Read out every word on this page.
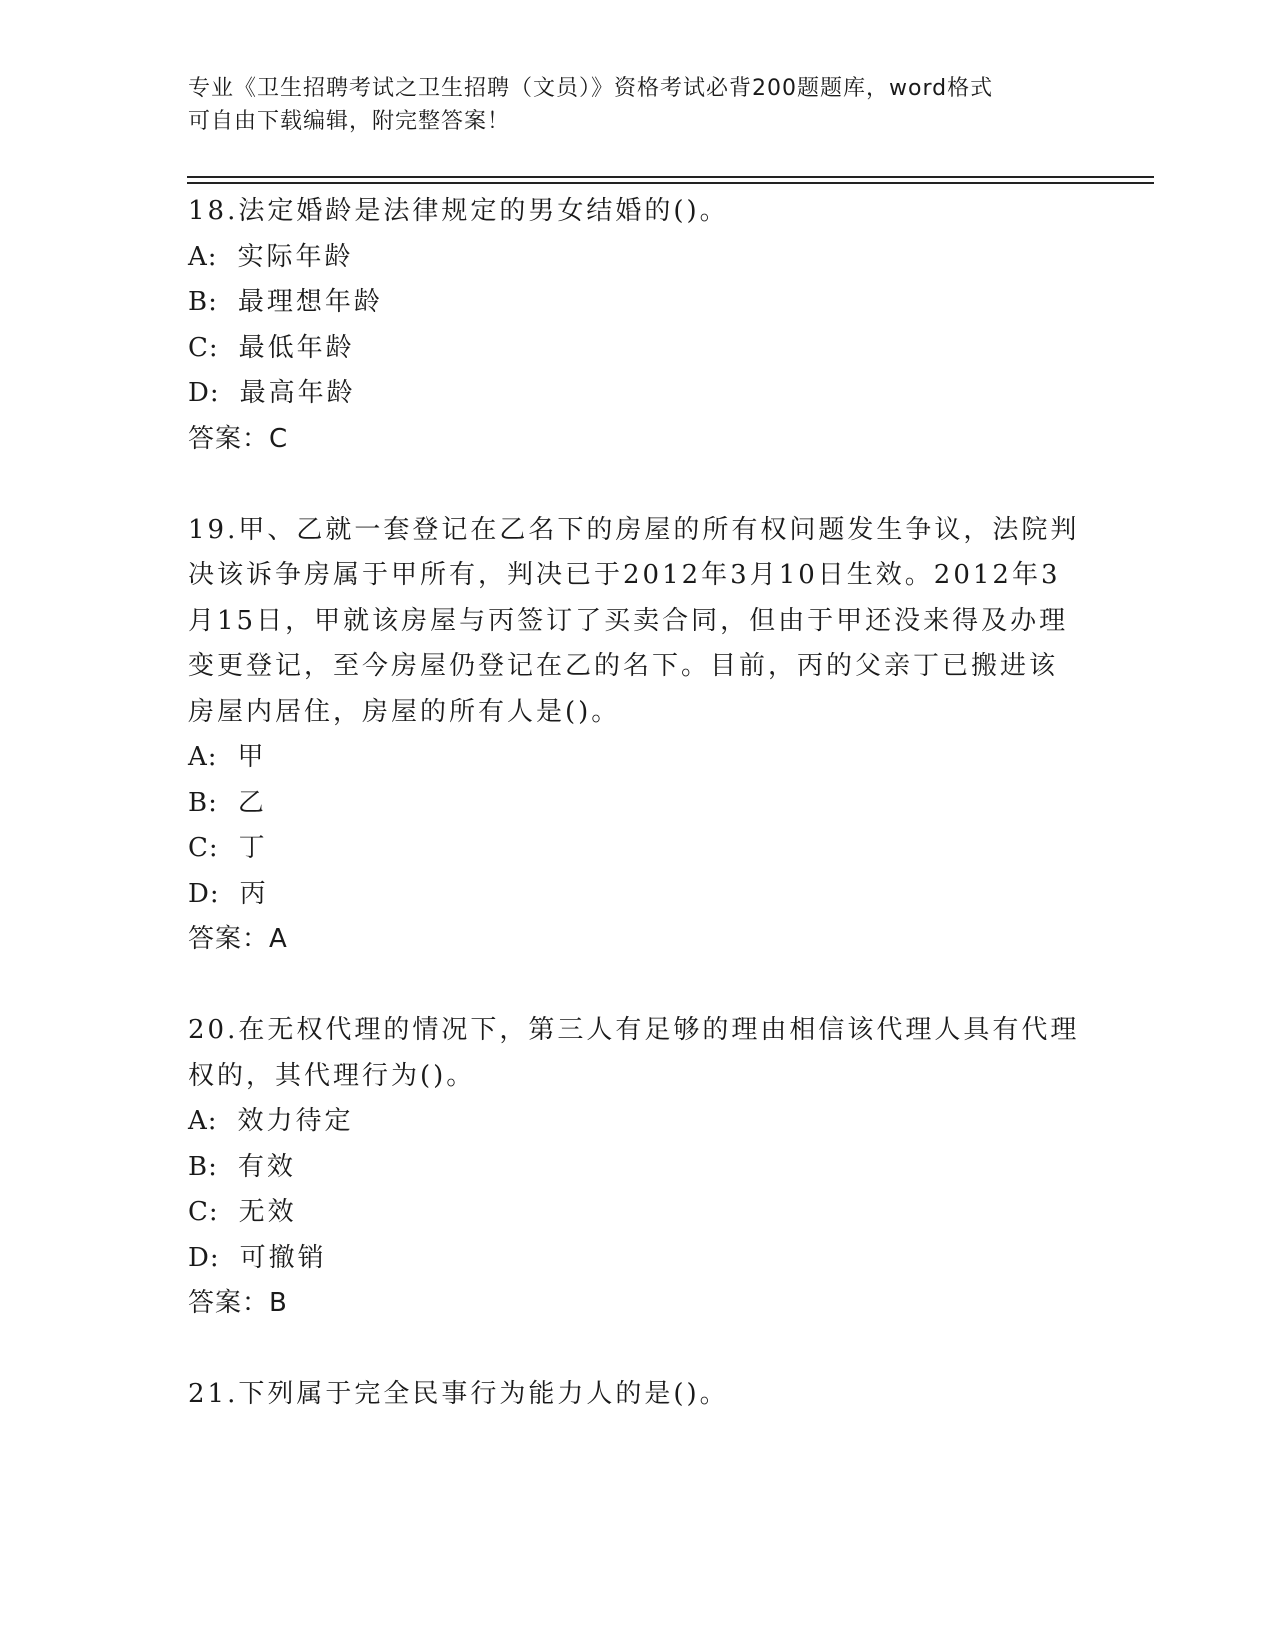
专业《卫生招聘考试之卫生招聘（文员）》资格考试必背200题题库，word格式
可自由下载编辑，附完整答案！
18.法定婚龄是法律规定的男女结婚的()。
A: 实际年龄
B: 最理想年龄
C: 最低年龄
D: 最高年龄
答案：C
19.甲、乙就一套登记在乙名下的房屋的所有权问题发生争议，法院判
决该诉争房属于甲所有，判决已于2012年3月10日生效。2012年3
月15日，甲就该房屋与丙签订了买卖合同，但由于甲还没来得及办理
变更登记，至今房屋仍登记在乙的名下。目前，丙的父亲丁已搬进该
房屋内居住，房屋的所有人是()。
A: 甲
B: 乙
C: 丁
D: 丙
答案：A
20.在无权代理的情况下，第三人有足够的理由相信该代理人具有代理
权的，其代理行为()。
A: 效力待定
B: 有效
C: 无效
D: 可撤销
答案：B
21.下列属于完全民事行为能力人的是()。
